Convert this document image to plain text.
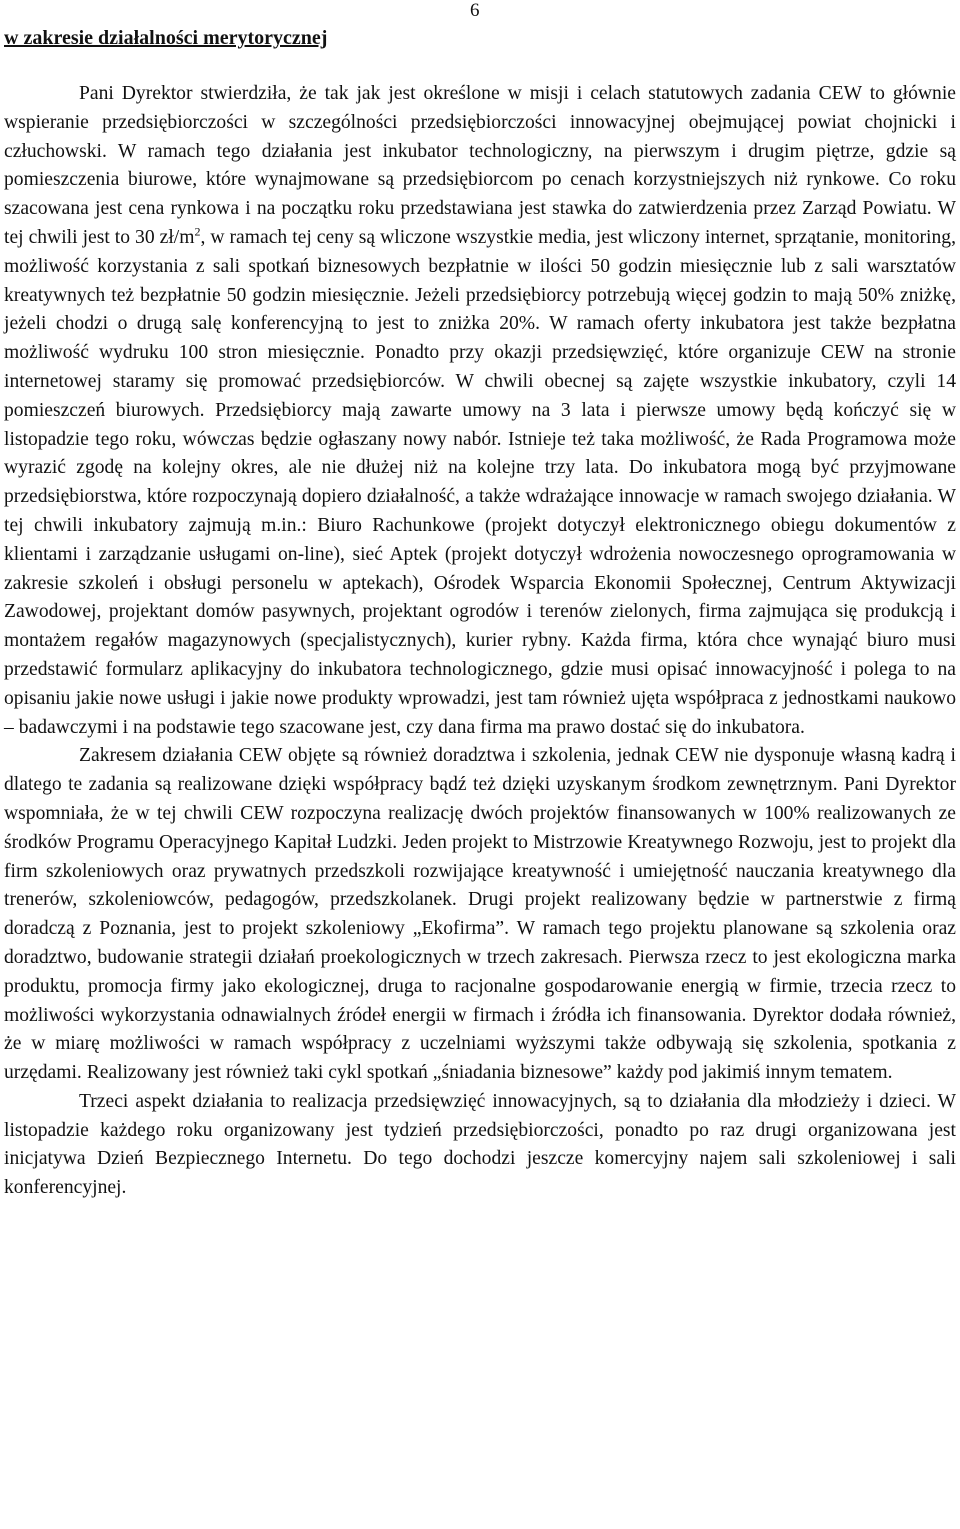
6
w zakresie działalności merytorycznej

Pani Dyrektor stwierdziła, że tak jak jest określone w misji i celach statutowych zadania CEW to głównie wspieranie przedsiębiorczości w szczególności przedsiębiorczości innowacyjnej obejmującej powiat chojnicki i człuchowski. W ramach tego działania jest inkubator technologiczny, na pierwszym i drugim piętrze, gdzie są pomieszczenia biurowe, które wynajmowane są przedsiębiorcom po cenach korzystniejszych niż rynkowe. Co roku szacowana jest cena rynkowa i na początku roku przedstawiana jest stawka do zatwierdzenia przez Zarząd Powiatu. W tej chwili jest to 30 $zł/m^2$, w ramach tej ceny są wliczone wszystkie media, jest wliczony internet, sprzątanie, monitoring, możliwość korzystania z sali spotkań biznesowych bezpłatnie w ilości 50 godzin miesięcznie lub z sali warsztatów kreatywnych też bezpłatnie 50 godzin miesięcznie. Jeżeli przedsiębiorcy potrzebują więcej godzin to mają 50% zniżkę, jeżeli chodzi o drugą salę konferencyjną to jest to zniżka 20%. W ramach oferty inkubatora jest także bezpłatna możliwość wydruku 100 stron miesięcznie. Ponadto przy okazji przedsięwzięć, które organizuje CEW na stronie internetowej staramy się promować przedsiębiorców. W chwili obecnej są zajęte wszystkie inkubatory, czyli 14 pomieszczeń biurowych. Przedsiębiorcy mają zawarte umowy na 3 lata i pierwsze umowy będą kończyć się w listopadzie tego roku, wówczas będzie ogłaszany nowy nabór. Istnieje też taka możliwość, że Rada Programowa może wyrazić zgodę na kolejny okres, ale nie dłużej niż na kolejne trzy lata. Do inkubatora mogą być przyjmowane przedsiębiorstwa, które rozpoczynają dopiero działalność, a także wdrażające innowacje w ramach swojego działania. W tej chwili inkubatory zajmują m.in.: Biuro Rachunkowe (projekt dotyczył elektronicznego obiegu dokumentów z klientami i zarządzanie usługami on-line), sieć Aptek (projekt dotyczył wdrożenia nowoczesnego oprogramowania w zakresie szkoleń i obsługi personelu w aptekach), Ośrodek Wsparcia Ekonomii Społecznej, Centrum Aktywizacji Zawodowej, projektant domów pasywnych, projektant ogrodów i terenów zielonych, firma zajmująca się produkcją i montażem regałów magazynowych (specjalistycznych), kurier rybny. Każda firma, która chce wynająć biuro musi przedstawić formularz aplikacyjny do inkubatora technologicznego, gdzie musi opisać innowacyjność i polega to na opisaniu jakie nowe usługi i jakie nowe produkty wprowadzi, jest tam również ujęta współpraca z jednostkami naukowo – badawczymi i na podstawie tego szacowane jest, czy dana firma ma prawo dostać się do inkubatora.

Zakresem działania CEW objęte są również doradztwa i szkolenia, jednak CEW nie dysponuje własną kadrą i dlatego te zadania są realizowane dzięki współpracy bądź też dzięki uzyskanym środkom zewnętrznym. Pani Dyrektor wspomniała, że w tej chwili CEW rozpoczyna realizację dwóch projektów finansowanych w 100% realizowanych ze środków Programu Operacyjnego Kapitał Ludzki. Jeden projekt to Mistrzowie Kreatywnego Rozwoju, jest to projekt dla firm szkoleniowych oraz prywatnych przedszkoli rozwijające kreatywność i umiejętność nauczania kreatywnego dla trenerów, szkoleniowców, pedagogów, przedszkolanek. Drugi projekt realizowany będzie w partnerstwie z firmą doradczą z Poznania, jest to projekt szkoleniowy „Ekofirma”. W ramach tego projektu planowane są szkolenia oraz doradztwo, budowanie strategii działań proekologicznych w trzech zakresach. Pierwsza rzecz to jest ekologiczna marka produktu, promocja firmy jako ekologicznej, druga to racjonalne gospodarowanie energią w firmie, trzecia rzecz to możliwości wykorzystania odnawialnych źródeł energii w firmach i źródła ich finansowania. Dyrektor dodała również, że w miarę możliwości w ramach współpracy z uczelniami wyższymi także odbywają się szkolenia, spotkania z urzędami. Realizowany jest również taki cykl spotkań „śniadania biznesowe” każdy pod jakimiś innym tematem.

Trzeci aspekt działania to realizacja przedsięwzięć innowacyjnych, są to działania dla młodzieży i dzieci. W listopadzie każdego roku organizowany jest tydzień przedsiębiorczości, ponadto po raz drugi organizowana jest inicjatywa Dzień Bezpiecznego Internetu. Do tego dochodzi jeszcze komercyjny najem sali szkoleniowej i sali konferencyjnej.
